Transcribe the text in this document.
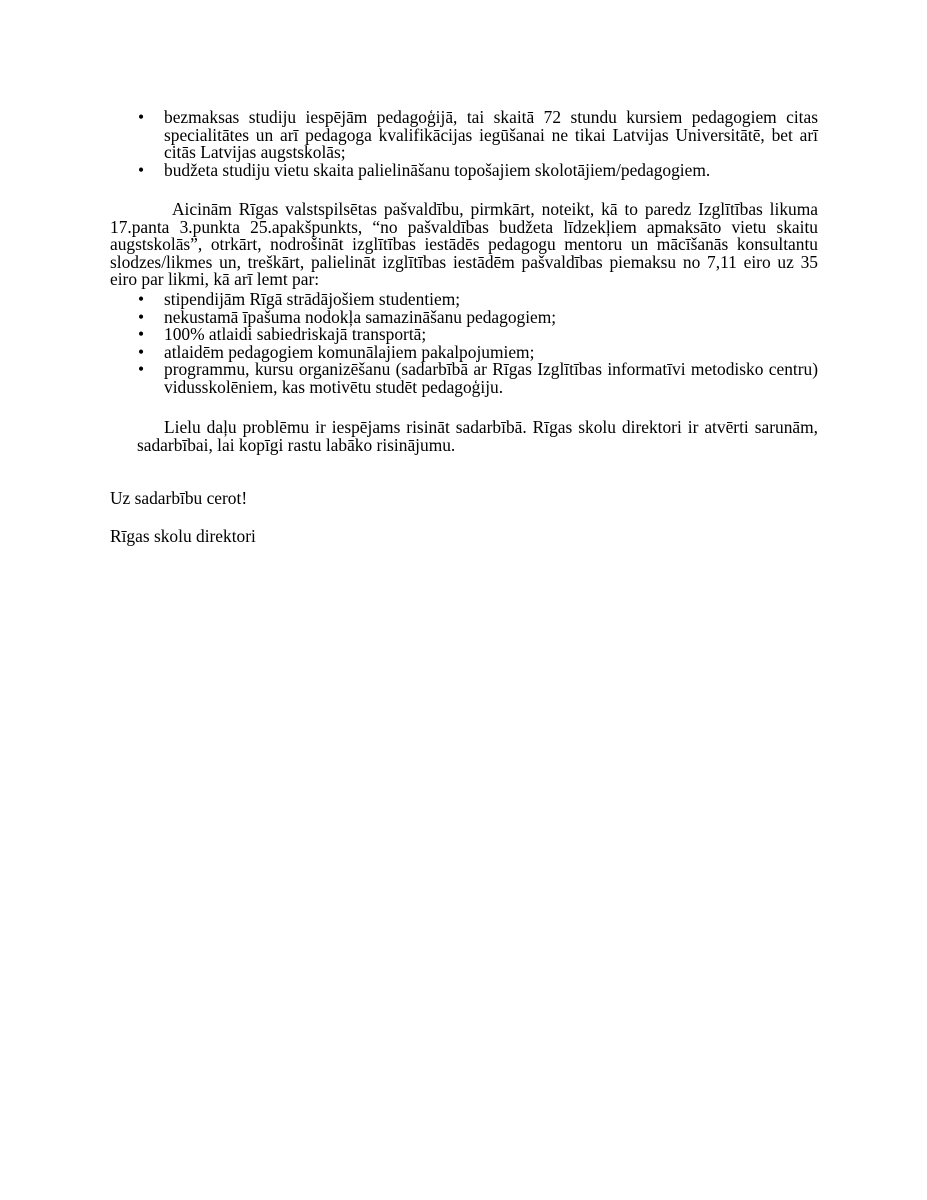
• bezmaksas studiju iespējām pedagoģijā, tai skaitā 72 stundu kursiem pedagogiem citas specialitātes un arī pedagoga kvalifikācijas iegūšanai ne tikai Latvijas Universitātē, bet arī citās Latvijas augstskolās;
• budžeta studiju vietu skaita palielināšanu topošajiem skolotājiem/pedagogiem.

Aicinām Rīgas valstspilsētas pašvaldību, pirmkārt, noteikt, kā to paredz Izglītības likuma 17.panta 3.punkta 25.apakšpunkts, “no pašvaldības budžeta līdzekļiem apmaksāto vietu skaitu augstskolās”, otrkārt, nodrošināt izglītības iestādēs pedagogu mentoru un mācīšanās konsultantu slodzes/likmes un, treškārt, palielināt izglītības iestādēm pašvaldības piemaksu no 7,11 eiro uz 35 eiro par likmi, kā arī lemt par:

• stipendijām Rīgā strādājošiem studentiem;
• nekustamā īpašuma nodokļa samazināšanu pedagogiem;
• 100% atlaidi sabiedriskajā transportā;
• atlaidēm pedagogiem komunālajiem pakalpojumiem;
• programmu, kursu organizēšanu (sadarbībā ar Rīgas Izglītības informatīvi metodisko centru) vidusskolēniem, kas motivētu studēt pedagoģiju.

Lielu daļu problēmu ir iespējams risināt sadarbībā. Rīgas skolu direktori ir atvērti sarunām, sadarbībai, lai kopīgi rastu labāko risinājumu.

Uz sadarbību cerot!

Rīgas skolu direktori
